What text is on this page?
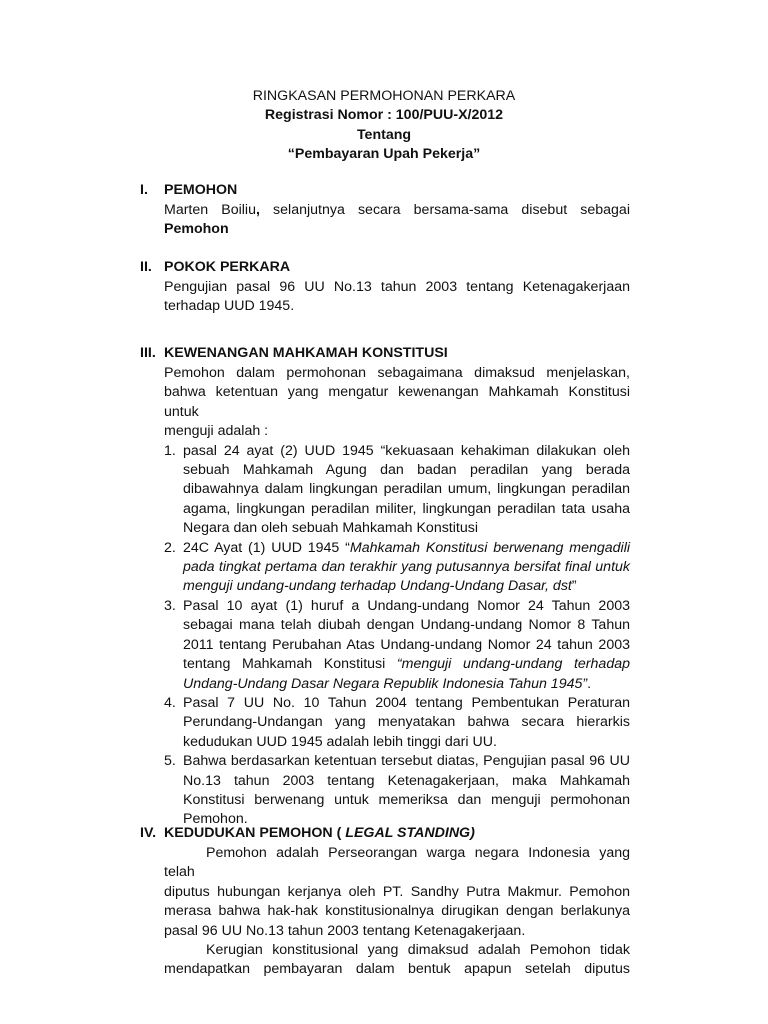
RINGKASAN PERMOHONAN PERKARA
Registrasi Nomor : 100/PUU-X/2012
Tentang
“Pembayaran Upah Pekerja”
I.	PEMOHON
Marten Boiliu, selanjutnya secara bersama-sama disebut sebagai
Pemohon
II. POKOK PERKARA
Pengujian pasal 96 UU No.13 tahun 2003 tentang Ketenagakerjaan
terhadap UUD 1945.
III. KEWENANGAN MAHKAMAH KONSTITUSI
Pemohon dalam permohonan sebagaimana dimaksud menjelaskan,
bahwa ketentuan yang mengatur kewenangan Mahkamah Konstitusi untuk
menguji adalah :
1. pasal 24 ayat (2) UUD 1945 “kekuasaan kehakiman dilakukan oleh
sebuah Mahkamah Agung dan badan peradilan yang berada
dibawahnya dalam lingkungan peradilan umum, lingkungan peradilan
agama, lingkungan peradilan militer, lingkungan peradilan tata usaha
Negara dan oleh sebuah Mahkamah Konstitusi
2. 24C Ayat (1) UUD 1945 “Mahkamah Konstitusi berwenang mengadili
pada tingkat pertama dan terakhir yang putusannya bersifat final untuk
menguji undang-undang terhadap Undang-Undang Dasar, dst”
3. Pasal 10 ayat (1) huruf a Undang-undang Nomor 24 Tahun 2003
sebagai mana telah diubah dengan Undang-undang Nomor 8 Tahun
2011 tentang Perubahan Atas Undang-undang Nomor 24 tahun 2003
tentang Mahkamah Konstitusi “menguji undang-undang terhadap
Undang-Undang Dasar Negara Republik Indonesia Tahun 1945”.
4. Pasal 7 UU No. 10 Tahun 2004 tentang Pembentukan Peraturan
Perundang-Undangan yang menyatakan bahwa secara hierarkis
kedudukan UUD 1945 adalah lebih tinggi dari UU.
5. Bahwa berdasarkan ketentuan tersebut diatas, Pengujian pasal 96 UU
No.13 tahun 2003 tentang Ketenagakerjaan, maka Mahkamah
Konstitusi berwenang untuk memeriksa dan menguji permohonan
Pemohon.
IV. KEDUDUKAN PEMOHON ( LEGAL STANDING)
Pemohon adalah Perseorangan warga negara Indonesia yang telah
diputus hubungan kerjanya oleh PT. Sandhy Putra Makmur. Pemohon
merasa bahwa hak-hak konstitusionalnya dirugikan dengan berlakunya
pasal 96 UU No.13 tahun 2003 tentang Ketenagakerjaan.
Kerugian konstitusional yang dimaksud adalah Pemohon tidak
mendapatkan pembayaran dalam bentuk apapun setelah diputus
